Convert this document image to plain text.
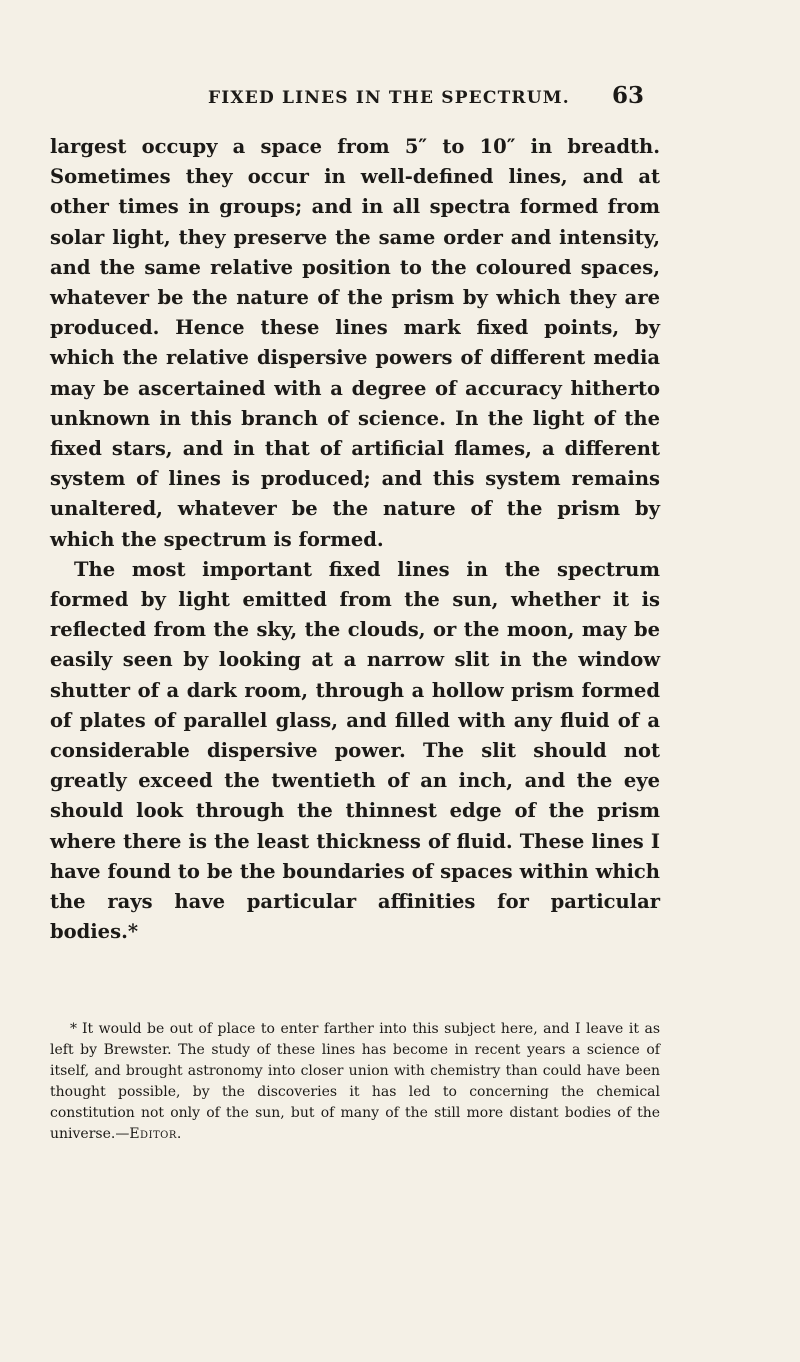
FIXED LINES IN THE SPECTRUM. 63

largest occupy a space from 5″ to 10″ in breadth. Sometimes they occur in well-defined lines, and at other times in groups; and in all spectra formed from solar light, they preserve the same order and intensity, and the same relative position to the coloured spaces, whatever be the nature of the prism by which they are produced. Hence these lines mark fixed points, by which the relative dispersive powers of different media may be ascertained with a degree of accuracy hitherto unknown in this branch of science. In the light of the fixed stars, and in that of artificial flames, a different system of lines is produced; and this system remains unaltered, whatever be the nature of the prism by which the spectrum is formed.

The most important fixed lines in the spectrum formed by light emitted from the sun, whether it is reflected from the sky, the clouds, or the moon, may be easily seen by looking at a narrow slit in the window shutter of a dark room, through a hollow prism formed of plates of parallel glass, and filled with any fluid of a considerable dispersive power. The slit should not greatly exceed the twentieth of an inch, and the eye should look through the thinnest edge of the prism where there is the least thickness of fluid. These lines I have found to be the boundaries of spaces within which the rays have particular affinities for particular bodies.*

* It would be out of place to enter farther into this subject here, and I leave it as left by Brewster. The study of these lines has become in recent years a science of itself, and brought astronomy into closer union with chemistry than could have been thought possible, by the discoveries it has led to concerning the chemical constitution not only of the sun, but of many of the still more distant bodies of the universe.—Editor.
